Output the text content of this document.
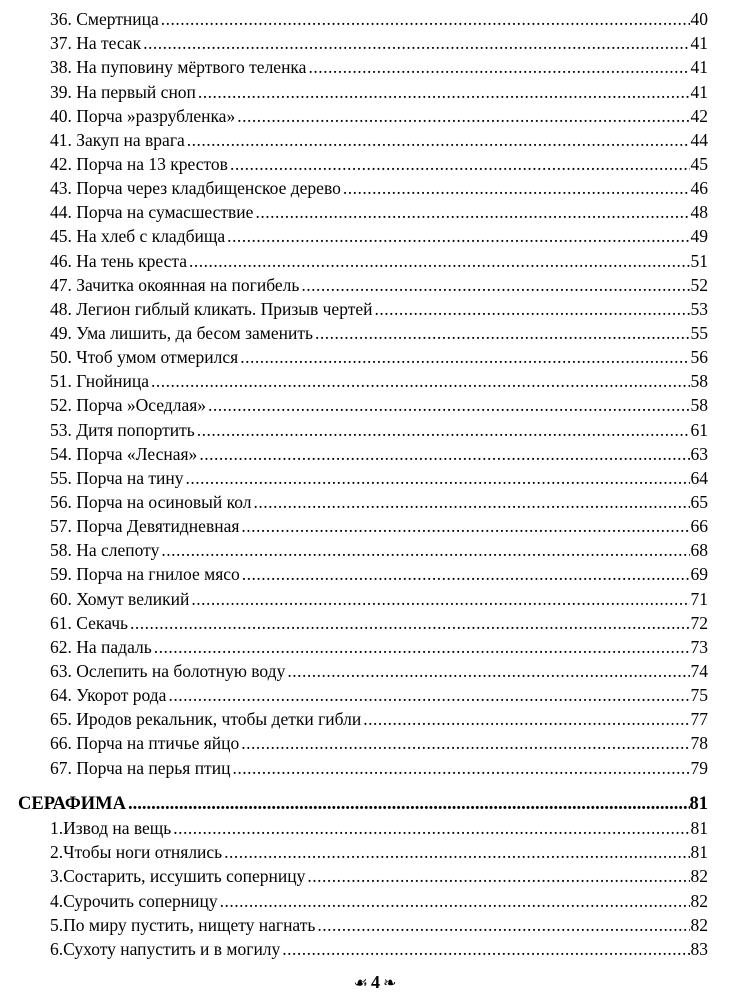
36. Смертница .....	40
37. На тесак .....	41
38. На пуповину мёртвого теленка .....	41
39. На первый сноп .....	41
40. Порча »разрубленка» .....	42
41. Закуп на врага .....	44
42. Порча на 13 крестов .....	45
43. Порча через кладбищенское дерево .....	46
44. Порча на сумасшествие .....	48
45. На хлеб с кладбища .....	49
46. На тень креста .....	51
47. Зачитка окоянная на погибель .....	52
48. Легион гиблый кликать. Призыв чертей .....	53
49. Ума лишить, да бесом заменить .....	55
50. Чтоб умом отмерился .....	56
51. Гнойница .....	58
52. Порча »Оседлая» .....	58
53. Дитя попортить .....	61
54. Порча «Лесная» .....	63
55. Порча на тину .....	64
56. Порча на осиновый кол .....	65
57. Порча Девятидневная .....	66
58. На слепоту .....	68
59. Порча на гнилое мясо .....	69
60. Хомут великий .....	71
61. Секачь .....	72
62. На падаль .....	73
63. Ослепить на болотную воду .....	74
64. Укорот рода .....	75
65. Иродов рекальник, чтобы детки гибли .....	77
66. Порча на птичье яйцо .....	78
67. Порча на перья птиц .....	79
СЕРАФИМА .....	81
1.Извод на вещь .....	81
2.Чтобы ноги отнялись .....	81
3.Состарить, иссушить соперницу .....	82
4.Сурочить соперницу .....	82
5.По миру пустить, нищету нагнать .....	82
6.Сухоту напустить и в могилу .....	83
☙ 4 ❧
